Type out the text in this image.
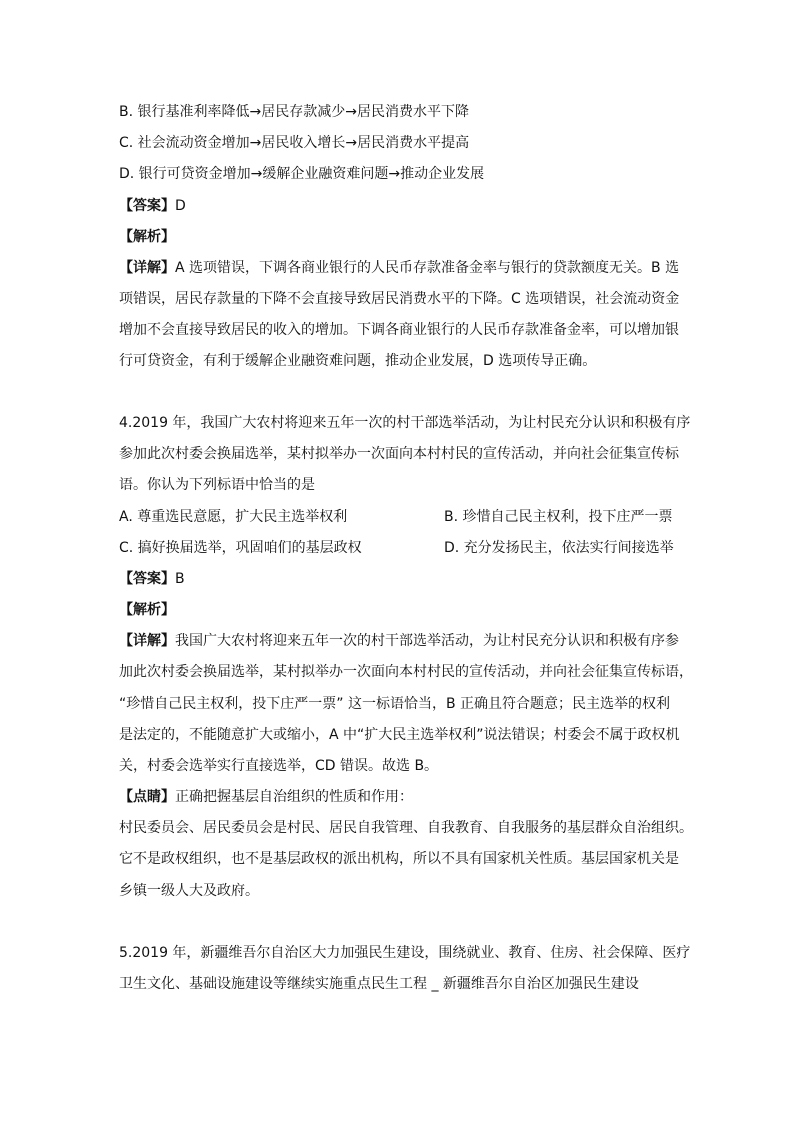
B. 银行基准利率降低→居民存款减少→居民消费水平下降
C. 社会流动资金增加→居民收入增长→居民消费水平提高
D. 银行可贷资金增加→缓解企业融资难问题→推动企业发展
【答案】D
【解析】
【详解】A 选项错误，下调各商业银行的人民币存款准备金率与银行的贷款额度无关。B 选
项错误，居民存款量的下降不会直接导致居民消费水平的下降。C 选项错误，社会流动资金
增加不会直接导致居民的收入的增加。下调各商业银行的人民币存款准备金率，可以增加银
行可贷资金，有利于缓解企业融资难问题，推动企业发展，D 选项传导正确。
4.2019 年，我国广大农村将迎来五年一次的村干部选举活动，为让村民充分认识和积极有序
参加此次村委会换届选举，某村拟举办一次面向本村村民的宣传活动，并向社会征集宣传标
语。你认为下列标语中恰当的是
A. 尊重选民意愿，扩大民主选举权利	B. 珍惜自己民主权利，投下庄严一票
C. 搞好换届选举，巩固咱们的基层政权	D. 充分发扬民主，依法实行间接选举
【答案】B
【解析】
【详解】我国广大农村将迎来五年一次的村干部选举活动，为让村民充分认识和积极有序参
加此次村委会换届选举，某村拟举办一次面向本村村民的宣传活动，并向社会征集宣传标语，
“珍惜自己民主权利，投下庄严一票” 这一标语恰当，B 正确且符合题意；民主选举的权利
是法定的，不能随意扩大或缩小，A 中“扩大民主选举权利”说法错误；村委会不属于政权机
关，村委会选举实行直接选举，CD 错误。故选 B。
【点睛】正确把握基层自治组织的性质和作用：
村民委员会、居民委员会是村民、居民自我管理、自我教育、自我服务的基层群众自治组织。
它不是政权组织，也不是基层政权的派出机构，所以不具有国家机关性质。基层国家机关是
乡镇一级人大及政府。
5.2019 年，新疆维吾尔自治区大力加强民生建设，围绕就业、教育、住房、社会保障、医疗
卫生文化、基础设施建设等继续实施重点民生工程 _ 新疆维吾尔自治区加强民生建设
